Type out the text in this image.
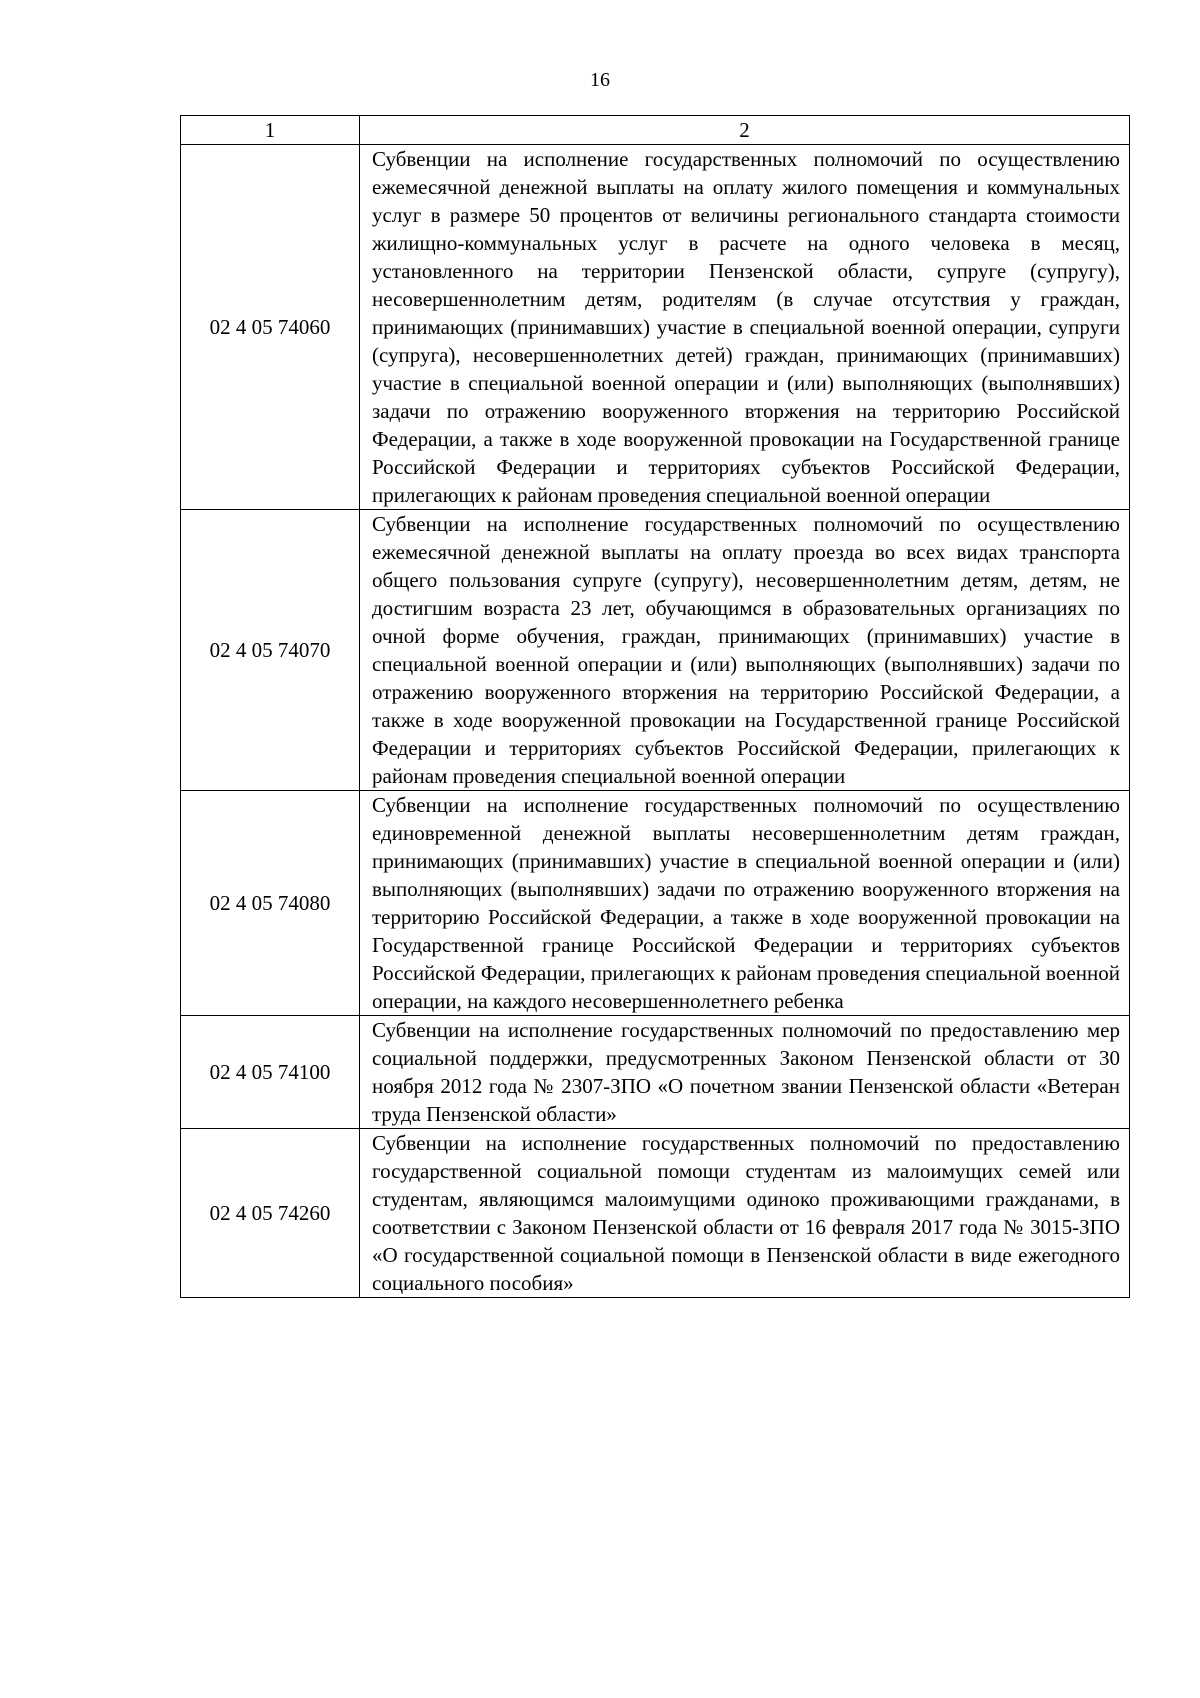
16
1	2
02 4 05 74060	Субвенции на исполнение государственных полномочий по осуществлению ежемесячной денежной выплаты на оплату жилого помещения и коммунальных услуг в размере 50 процентов от величины регионального стандарта стоимости жилищно-коммунальных услуг в расчете на одного человека в месяц, установленного на территории Пензенской области, супруге (супругу), несовершеннолетним детям, родителям (в случае отсутствия у граждан, принимающих (принимавших) участие в специальной военной операции, супруги (супруга), несовершеннолетних детей) граждан, принимающих (принимавших) участие в специальной военной операции и (или) выполняющих (выполнявших) задачи по отражению вооруженного вторжения на территорию Российской Федерации, а также в ходе вооруженной провокации на Государственной границе Российской Федерации и территориях субъектов Российской Федерации, прилегающих к районам проведения специальной военной операции
02 4 05 74070	Субвенции на исполнение государственных полномочий по осуществлению ежемесячной денежной выплаты на оплату проезда во всех видах транспорта общего пользования супруге (супругу), несовершеннолетним детям, детям, не достигшим возраста 23 лет, обучающимся в образовательных организациях по очной форме обучения, граждан, принимающих (принимавших) участие в специальной военной операции и (или) выполняющих (выполнявших) задачи по отражению вооруженного вторжения на территорию Российской Федерации, а также в ходе вооруженной провокации на Государственной границе Российской Федерации и территориях субъектов Российской Федерации, прилегающих к районам проведения специальной военной операции
02 4 05 74080	Субвенции на исполнение государственных полномочий по осуществлению единовременной денежной выплаты несовершеннолетним детям граждан, принимающих (принимавших) участие в специальной военной операции и (или) выполняющих (выполнявших) задачи по отражению вооруженного вторжения на территорию Российской Федерации, а также в ходе вооруженной провокации на Государственной границе Российской Федерации и территориях субъектов Российской Федерации, прилегающих к районам проведения специальной военной операции, на каждого несовершеннолетнего ребенка
02 4 05 74100	Субвенции на исполнение государственных полномочий по предоставлению мер социальной поддержки, предусмотренных Законом Пензенской области от 30 ноября 2012 года № 2307-ЗПО «О почетном звании Пензенской области «Ветеран труда Пензенской области»
02 4 05 74260	Субвенции на исполнение государственных полномочий по предоставлению государственной социальной помощи студентам из малоимущих семей или студентам, являющимся малоимущими одиноко проживающими гражданами, в соответствии с Законом Пензенской области от 16 февраля 2017 года № 3015-ЗПО «О государственной социальной помощи в Пензенской области в виде ежегодного социального пособия»
